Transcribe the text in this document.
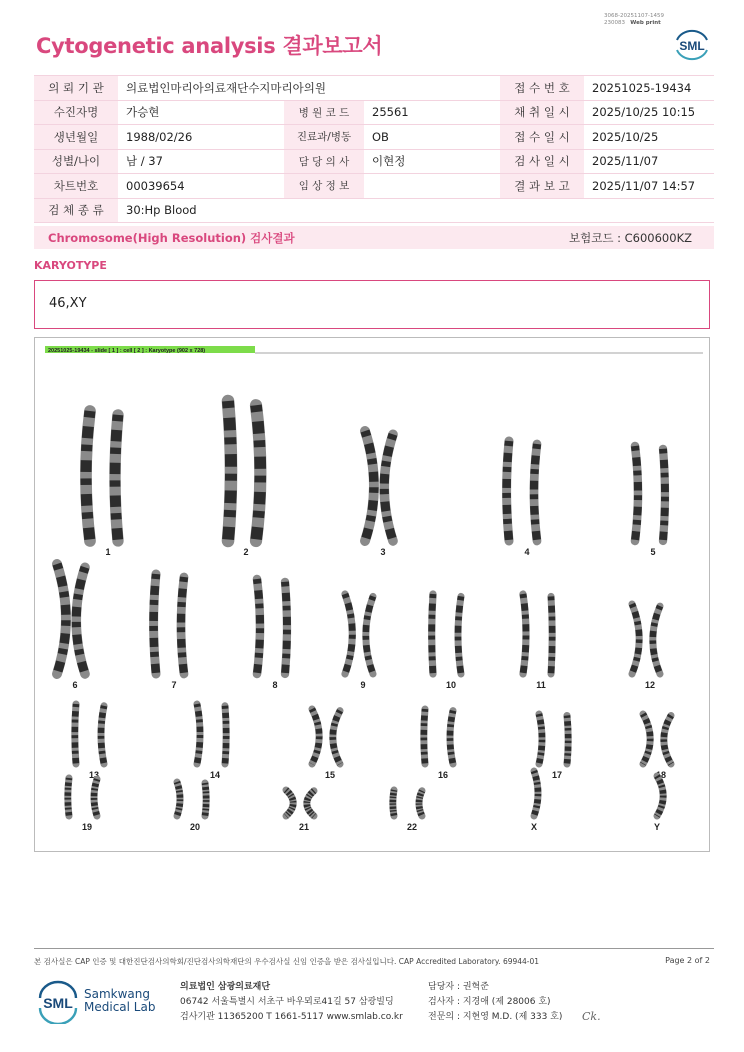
3068-20251107-1459
230083 Web print
Cytogenetic analysis 결과보고서	SML
의 뢰 기 관	의료법인마리아의료재단수지마리아의원			접 수 번 호	20251025-19434
수진자명	가승현	병 원 코 드	25561	채 취 일 시	2025/10/25 10:15
생년월일	1988/02/26	진료과/병동	OB	접 수 일 시	2025/10/25
성별/나이	남 / 37	담 당 의 사	이현정	검 사 일 시	2025/11/07
차트번호	00039654	임 상 정 보		결 과 보 고	2025/11/07 14:57
검 체 종 류	30:Hp Blood				
Chromosome(High Resolution) 검사결과	보험코드 : C600600KZ
KARYOTYPE
46,XY
20251025-19434 - slide [ 1 ] : cell [ 2 ] : Karyotype (902 x 728)
1	2	3	4	5
6	7	8	9	10	11	12
13	14	15	16	17	18
19	20	21	22	X	Y
본 검사실은 CAP 인증 및 대한진단검사의학회/진단검사의학재단의 우수검사실 신임 인증을 받은 검사실입니다. CAP Accredited Laboratory. 69944-01	Page 2 of 2
SML
Samkwang
Medical Lab
의료법인 삼광의료재단
06742 서울특별시 서초구 바우뫼로41길 57 삼광빌딩
검사기관 11365200 T 1661-5117 www.smlab.co.kr
담당자 : 권혁준
검사자 : 지경애 (제 28006 호)
전문의 : 지현영 M.D. (제 333 호) Ck.
